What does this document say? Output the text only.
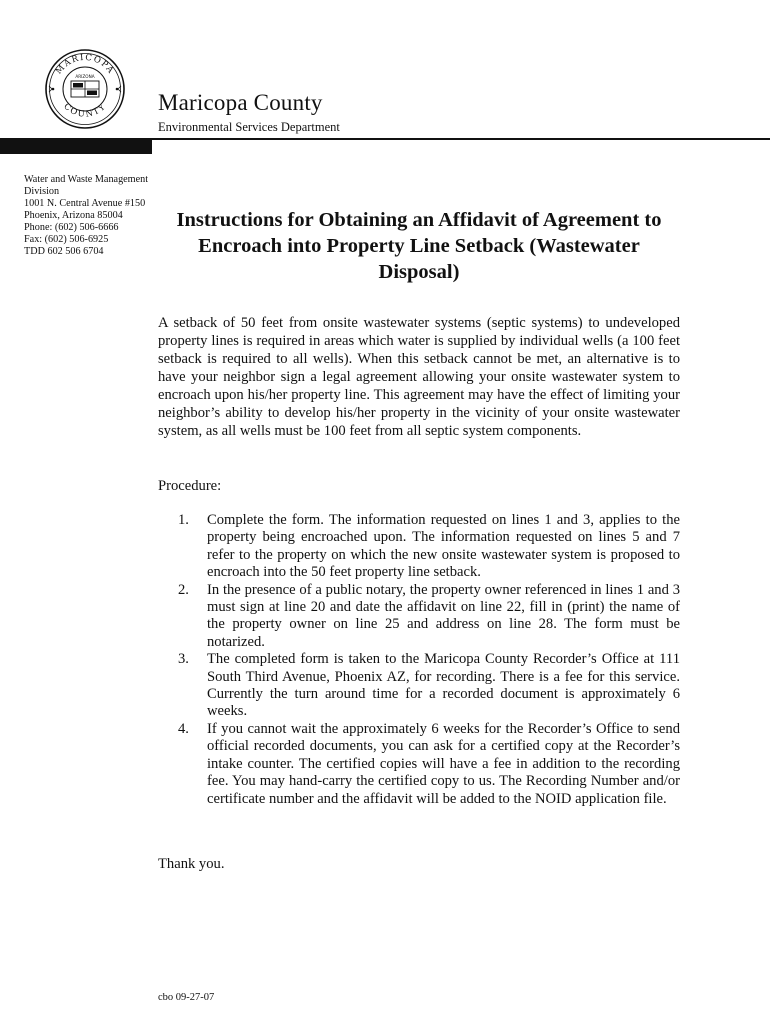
MARICOPA
COUNTY
ARIZONA
Maricopa County
Environmental Services Department
Water and Waste Management
Division
1001 N. Central Avenue #150
Phoenix, Arizona 85004
Phone: (602) 506-6666
Fax: (602) 506-6925
TDD 602 506 6704
Instructions for Obtaining an Affidavit of Agreement to Encroach into Property Line Setback (Wastewater Disposal)

A setback of 50 feet from onsite wastewater systems (septic systems) to undeveloped property lines is required in areas which water is supplied by individual wells (a 100 feet setback is required to all wells). When this setback cannot be met, an alternative is to have your neighbor sign a legal agreement allowing your onsite wastewater system to encroach upon his/her property line. This agreement may have the effect of limiting your neighbor’s ability to develop his/her property in the vicinity of your onsite wastewater system, as all wells must be 100 feet from all septic system components.

Procedure:

1. Complete the form. The information requested on lines 1 and 3, applies to the property being encroached upon. The information requested on lines 5 and 7 refer to the property on which the new onsite wastewater system is proposed to encroach into the 50 feet property line setback.
2. In the presence of a public notary, the property owner referenced in lines 1 and 3 must sign at line 20 and date the affidavit on line 22, fill in (print) the name of the property owner on line 25 and address on line 28. The form must be notarized.
3. The completed form is taken to the Maricopa County Recorder’s Office at 111 South Third Avenue, Phoenix AZ, for recording. There is a fee for this service. Currently the turn around time for a recorded document is approximately 6 weeks.
4. If you cannot wait the approximately 6 weeks for the Recorder’s Office to send official recorded documents, you can ask for a certified copy at the Recorder’s intake counter. The certified copies will have a fee in addition to the recording fee. You may hand-carry the certified copy to us. The Recording Number and/or certificate number and the affidavit will be added to the NOID application file.

Thank you.

cbo 09-27-07
